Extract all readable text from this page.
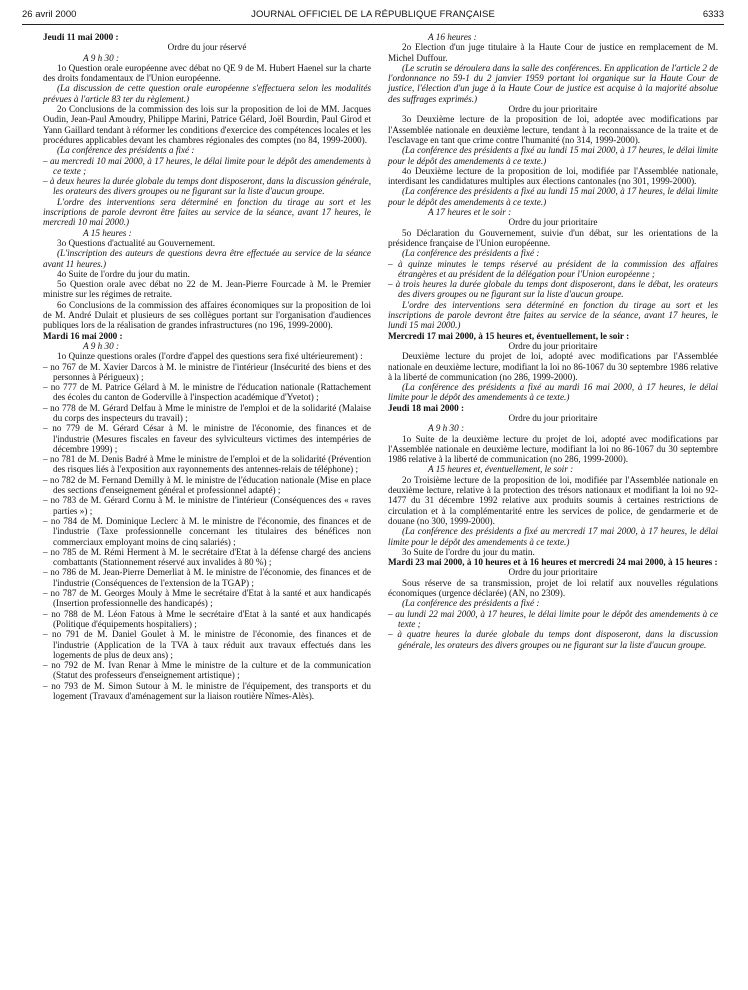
26 avril 2000	JOURNAL OFFICIEL DE LA RÉPUBLIQUE FRANÇAISE	6333

Jeudi 11 mai 2000 :

Ordre du jour réservé

A 9 h 30 :

1o Question orale européenne avec débat no QE 9 de M. Hubert Haenel sur la charte des droits fondamentaux de l'Union européenne.

(La discussion de cette question orale européenne s'effectuera selon les modalités prévues à l'article 83 ter du règlement.)

2o Conclusions de la commission des lois sur la proposition de loi de MM. Jacques Oudin, Jean-Paul Amoudry, Philippe Marini, Patrice Gélard, Joël Bourdin, Paul Girod et Yann Gaillard tendant à réformer les conditions d'exercice des compétences locales et les procédures applicables devant les chambres régionales des comptes (no 84, 1999-2000).

(La conférence des présidents a fixé :

– au mercredi 10 mai 2000, à 17 heures, le délai limite pour le dépôt des amendements à ce texte ;

– à deux heures la durée globale du temps dont disposeront, dans la discussion générale, les orateurs des divers groupes ou ne figurant sur la liste d'aucun groupe.

L'ordre des interventions sera déterminé en fonction du tirage au sort et les inscriptions de parole devront être faites au service de la séance, avant 17 heures, le mercredi 10 mai 2000.)

A 15 heures :

3o Questions d'actualité au Gouvernement.

(L'inscription des auteurs de questions devra être effectuée au service de la séance avant 11 heures.)

4o Suite de l'ordre du jour du matin.

5o Question orale avec débat no 22 de M. Jean-Pierre Fourcade à M. le Premier ministre sur les régimes de retraite.

6o Conclusions de la commission des affaires économiques sur la proposition de loi de M. André Dulait et plusieurs de ses collègues portant sur l'organisation d'audiences publiques lors de la réalisation de grandes infrastructures (no 196, 1999-2000).

Mardi 16 mai 2000 :

A 9 h 30 :

1o Quinze questions orales (l'ordre d'appel des questions sera fixé ultérieurement) :

– no 767 de M. Xavier Darcos à M. le ministre de l'intérieur (Insécurité des biens et des personnes à Périgueux) ;

– no 777 de M. Patrice Gélard à M. le ministre de l'éducation nationale (Rattachement des écoles du canton de Goderville à l'inspection académique d'Yvetot) ;

– no 778 de M. Gérard Delfau à Mme le ministre de l'emploi et de la solidarité (Malaise du corps des inspecteurs du travail) ;

– no 779 de M. Gérard César à M. le ministre de l'économie, des finances et de l'industrie (Mesures fiscales en faveur des sylviculteurs victimes des intempéries de décembre 1999) ;

– no 781 de M. Denis Badré à Mme le ministre de l'emploi et de la solidarité (Prévention des risques liés à l'exposition aux rayonnements des antennes-relais de téléphone) ;

– no 782 de M. Fernand Demilly à M. le ministre de l'éducation nationale (Mise en place des sections d'enseignement général et professionnel adapté) ;

– no 783 de M. Gérard Cornu à M. le ministre de l'intérieur (Conséquences des « raves parties ») ;

– no 784 de M. Dominique Leclerc à M. le ministre de l'économie, des finances et de l'industrie (Taxe professionnelle concernant les titulaires des bénéfices non commerciaux employant moins de cinq salariés) ;

– no 785 de M. Rémi Herment à M. le secrétaire d'Etat à la défense chargé des anciens combattants (Stationnement réservé aux invalides à 80 %) ;

– no 786 de M. Jean-Pierre Demerliat à M. le ministre de l'économie, des finances et de l'industrie (Conséquences de l'extension de la TGAP) ;

– no 787 de M. Georges Mouly à Mme le secrétaire d'Etat à la santé et aux handicapés (Insertion professionnelle des handicapés) ;

– no 788 de M. Léon Fatous à Mme le secrétaire d'Etat à la santé et aux handicapés (Politique d'équipements hospitaliers) ;

– no 791 de M. Daniel Goulet à M. le ministre de l'économie, des finances et de l'industrie (Application de la TVA à taux réduit aux travaux effectués dans les logements de plus de deux ans) ;

– no 792 de M. Ivan Renar à Mme le ministre de la culture et de la communication (Statut des professeurs d'enseignement artistique) ;

– no 793 de M. Simon Sutour à M. le ministre de l'équipement, des transports et du logement (Travaux d'aménagement sur la liaison routière Nîmes-Alès).

A 16 heures :

2o Election d'un juge titulaire à la Haute Cour de justice en remplacement de M. Michel Duffour.

(Le scrutin se déroulera dans la salle des conférences. En application de l'article 2 de l'ordonnance no 59-1 du 2 janvier 1959 portant loi organique sur la Haute Cour de justice, l'élection d'un juge à la Haute Cour de justice est acquise à la majorité absolue des suffrages exprimés.)

Ordre du jour prioritaire

3o Deuxième lecture de la proposition de loi, adoptée avec modifications par l'Assemblée nationale en deuxième lecture, tendant à la reconnaissance de la traite et de l'esclavage en tant que crime contre l'humanité (no 314, 1999-2000).

(La conférence des présidents a fixé au lundi 15 mai 2000, à 17 heures, le délai limite pour le dépôt des amendements à ce texte.)

4o Deuxième lecture de la proposition de loi, modifiée par l'Assemblée nationale, interdisant les candidatures multiples aux élections cantonales (no 301, 1999-2000).

(La conférence des présidents a fixé au lundi 15 mai 2000, à 17 heures, le délai limite pour le dépôt des amendements à ce texte.)

A 17 heures et le soir :

Ordre du jour prioritaire

5o Déclaration du Gouvernement, suivie d'un débat, sur les orientations de la présidence française de l'Union européenne.

(La conférence des présidents a fixé :

– à quinze minutes le temps réservé au président de la commission des affaires étrangères et au président de la délégation pour l'Union européenne ;

– à trois heures la durée globale du temps dont disposeront, dans le débat, les orateurs des divers groupes ou ne figurant sur la liste d'aucun groupe.

L'ordre des interventions sera déterminé en fonction du tirage au sort et les inscriptions de parole devront être faites au service de la séance, avant 17 heures, le lundi 15 mai 2000.)

Mercredi 17 mai 2000, à 15 heures et, éventuellement, le soir :

Ordre du jour prioritaire

Deuxième lecture du projet de loi, adopté avec modifications par l'Assemblée nationale en deuxième lecture, modifiant la loi no 86-1067 du 30 septembre 1986 relative à la liberté de communication (no 286, 1999-2000).

(La conférence des présidents a fixé au mardi 16 mai 2000, à 17 heures, le délai limite pour le dépôt des amendements à ce texte.)

Jeudi 18 mai 2000 :

Ordre du jour prioritaire

A 9 h 30 :

1o Suite de la deuxième lecture du projet de loi, adopté avec modifications par l'Assemblée nationale en deuxième lecture, modifiant la loi no 86-1067 du 30 septembre 1986 relative à la liberté de communication (no 286, 1999-2000).

A 15 heures et, éventuellement, le soir :

2o Troisième lecture de la proposition de loi, modifiée par l'Assemblée nationale en deuxième lecture, relative à la protection des trésors nationaux et modifiant la loi no 92-1477 du 31 décembre 1992 relative aux produits soumis à certaines restrictions de circulation et à la complémentarité entre les services de police, de gendarmerie et de douane (no 300, 1999-2000).

(La conférence des présidents a fixé au mercredi 17 mai 2000, à 17 heures, le délai limite pour le dépôt des amendements à ce texte.)

3o Suite de l'ordre du jour du matin.

Mardi 23 mai 2000, à 10 heures et à 16 heures et mercredi 24 mai 2000, à 15 heures :

Ordre du jour prioritaire

Sous réserve de sa transmission, projet de loi relatif aux nouvelles régulations économiques (urgence déclarée) (AN, no 2309).

(La conférence des présidents a fixé :

– au lundi 22 mai 2000, à 17 heures, le délai limite pour le dépôt des amendements à ce texte ;

– à quatre heures la durée globale du temps dont disposeront, dans la discussion générale, les orateurs des divers groupes ou ne figurant sur la liste d'aucun groupe.
